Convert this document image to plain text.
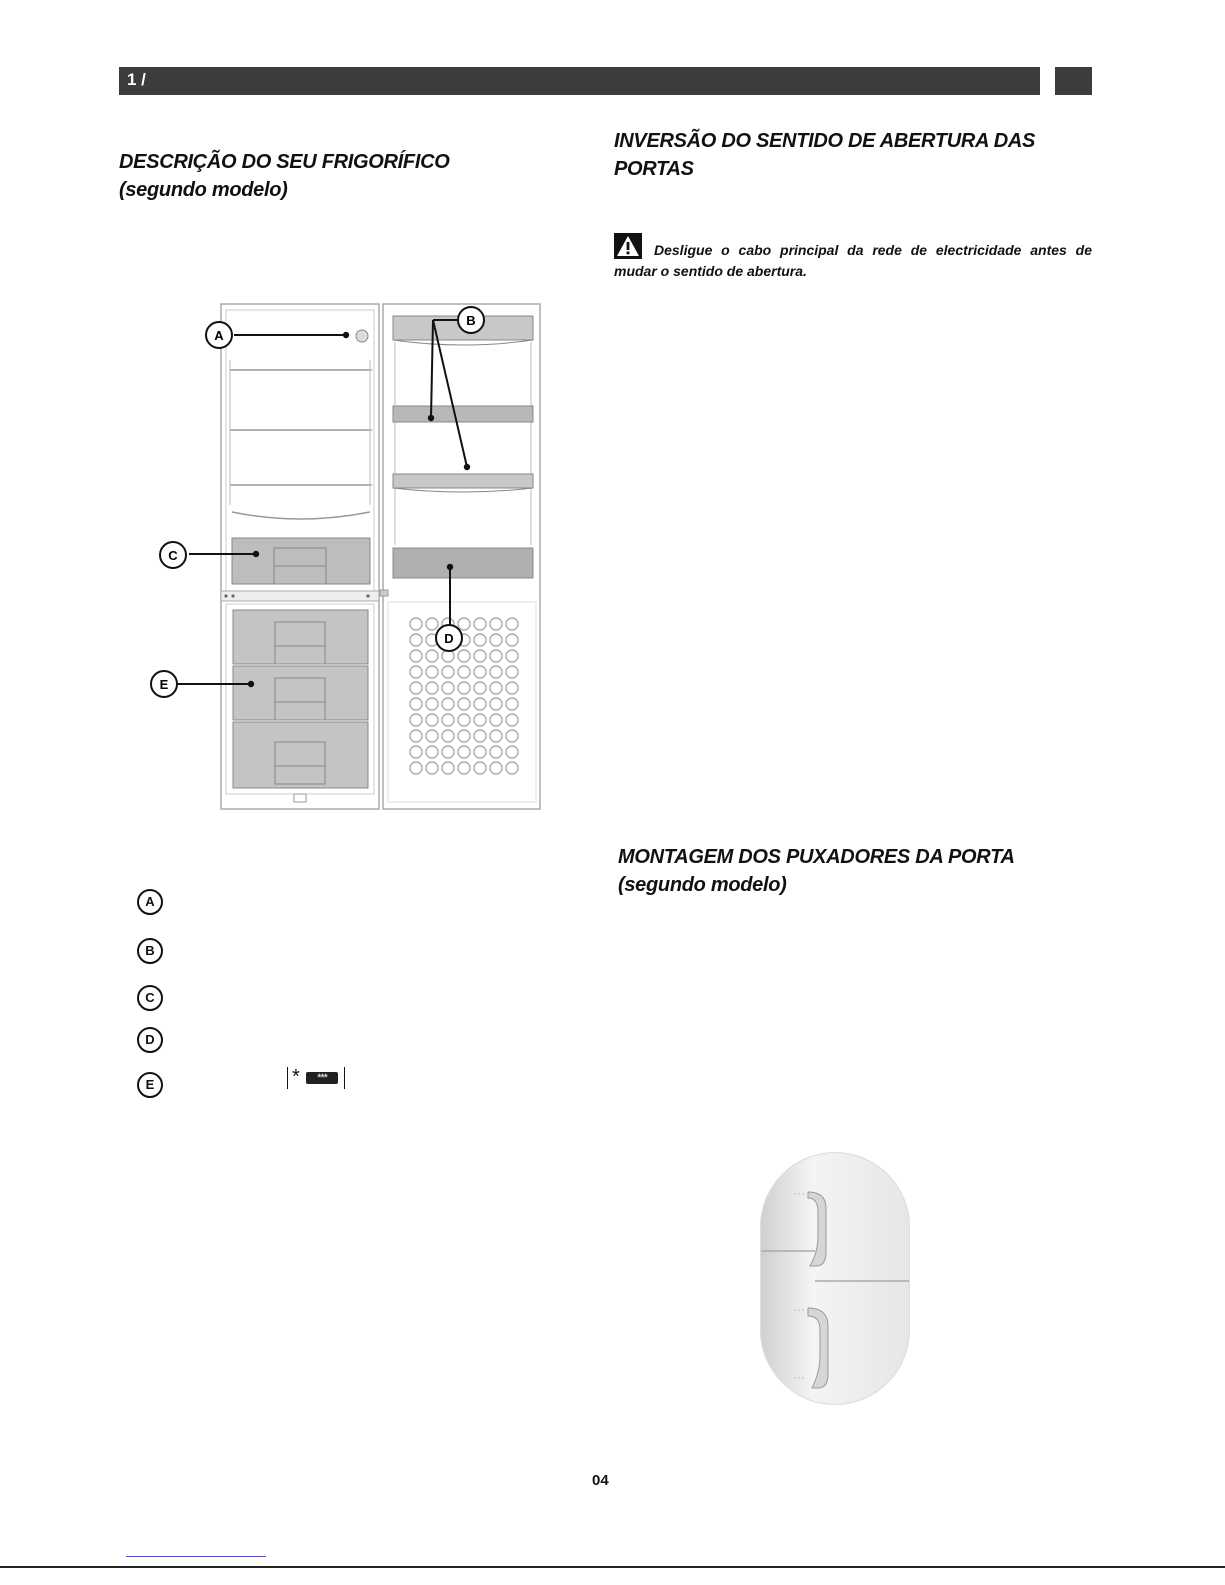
1 /
DESCRIÇÃO DO SEU FRIGORÍFICO
(segundo modelo)
INVERSÃO DO SENTIDO DE ABERTURA DAS
PORTAS

Desligue o cabo principal da rede de electricidade antes de mudar o sentido de abertura.

A
B
C
D
E
A
B
C
D
E	*	***
MONTAGEM DOS PUXADORES DA PORTA
(segundo modelo)
04
